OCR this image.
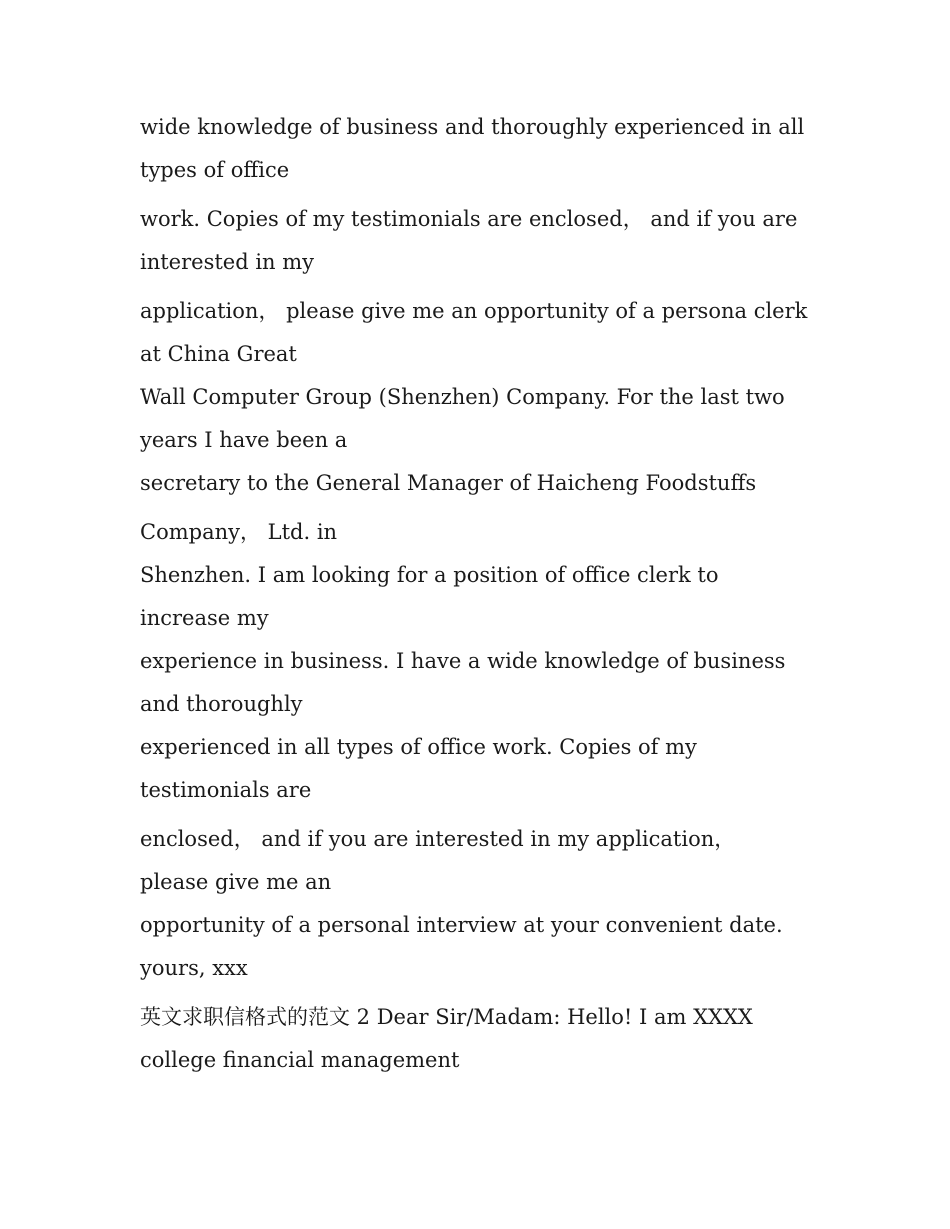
wide knowledge of business and thoroughly experienced in all types of office

work. Copies of my testimonials are enclosed， and if you are interested in my

application， please give me an opportunity of a persona clerk at China Great

Wall Computer Group (Shenzhen) Company. For the last two years I have been a

secretary to the General Manager of Haicheng Foodstuffs

Company， Ltd. in

Shenzhen. I am looking for a position of office clerk to increase my

experience in business. I have a wide knowledge of business and thoroughly

experienced in all types of office work. Copies of my testimonials are

enclosed， and if you are interested in my application， please give me an

opportunity of a personal interview at your convenient date.

yours, xxx

英文求职信格式的范文 2 Dear Sir/Madam: Hello! I am XXXX college financial management
